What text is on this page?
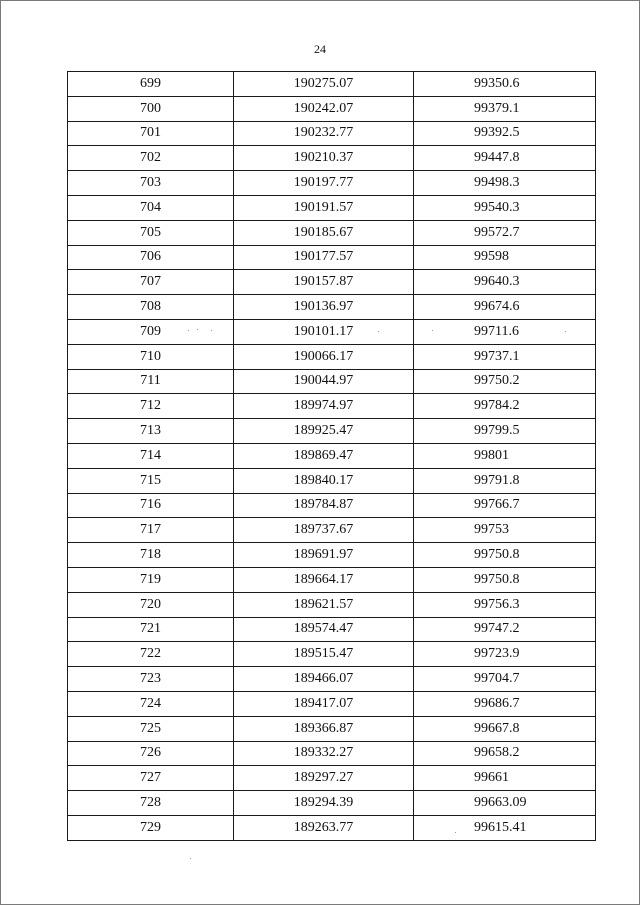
24
699	190275.07	99350.6
700	190242.07	99379.1
701	190232.77	99392.5
702	190210.37	99447.8
703	190197.77	99498.3
704	190191.57	99540.3
705	190185.67	99572.7
706	190177.57	99598
707	190157.87	99640.3
708	190136.97	99674.6
709	190101.17	99711.6
710	190066.17	99737.1
711	190044.97	99750.2
712	189974.97	99784.2
713	189925.47	99799.5
714	189869.47	99801
715	189840.17	99791.8
716	189784.87	99766.7
717	189737.67	99753
718	189691.97	99750.8
719	189664.17	99750.8
720	189621.57	99756.3
721	189574.47	99747.2
722	189515.47	99723.9
723	189466.07	99704.7
724	189417.07	99686.7
725	189366.87	99667.8
726	189332.27	99658.2
727	189297.27	99661
728	189294.39	99663.09
729	189263.77	99615.41
